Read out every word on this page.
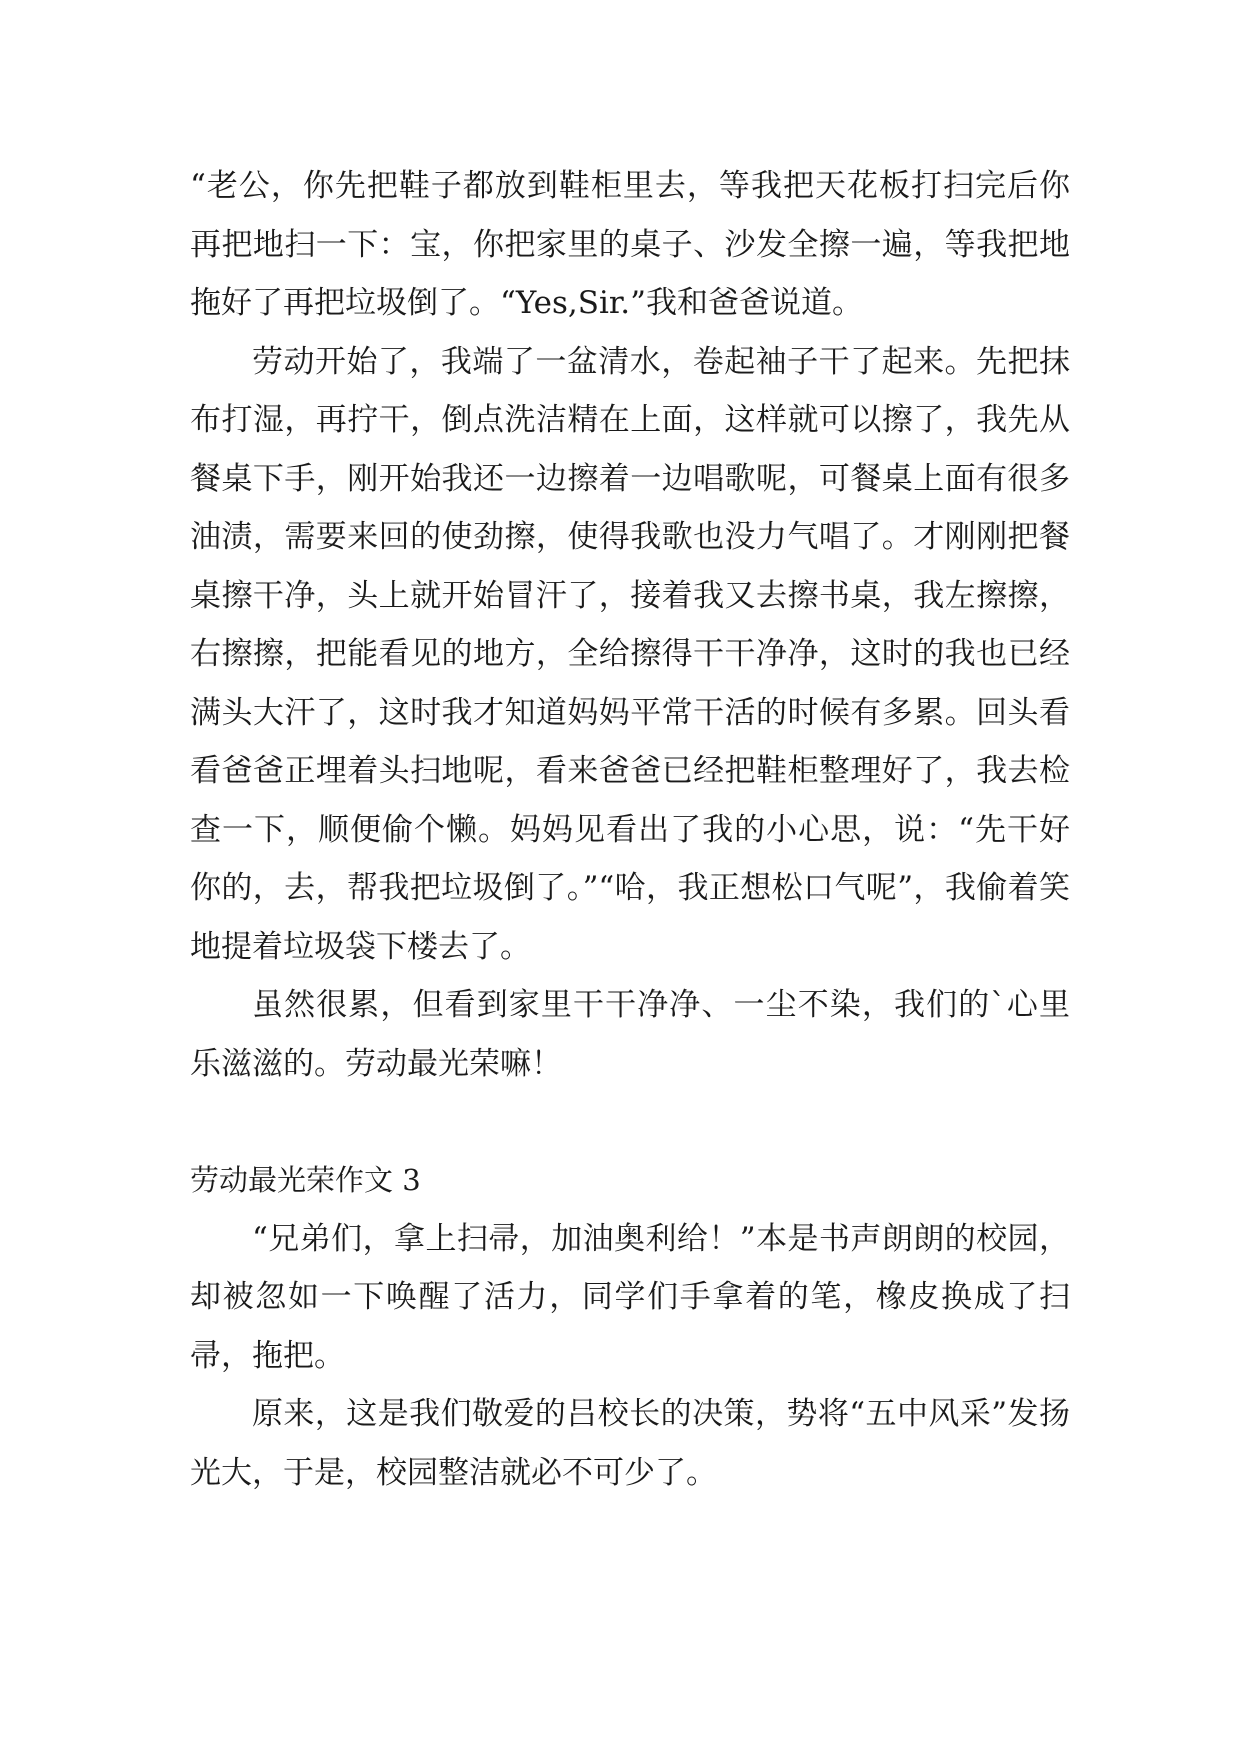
“老公，你先把鞋子都放到鞋柜里去，等我把天花板打扫完后你再把地扫一下：宝，你把家里的桌子、沙发全擦一遍，等我把地拖好了再把垃圾倒了。“Yes,Sir.”我和爸爸说道。

劳动开始了，我端了一盆清水，卷起袖子干了起来。先把抹布打湿，再拧干，倒点洗洁精在上面，这样就可以擦了，我先从餐桌下手，刚开始我还一边擦着一边唱歌呢，可餐桌上面有很多油渍，需要来回的使劲擦，使得我歌也没力气唱了。才刚刚把餐桌擦干净，头上就开始冒汗了，接着我又去擦书桌，我左擦擦，右擦擦，把能看见的地方，全给擦得干干净净，这时的我也已经满头大汗了，这时我才知道妈妈平常干活的时候有多累。回头看看爸爸正埋着头扫地呢，看来爸爸已经把鞋柜整理好了，我去检查一下，顺便偷个懒。妈妈见看出了我的小心思，说：“先干好你的，去，帮我把垃圾倒了。”“哈，我正想松口气呢”，我偷着笑地提着垃圾袋下楼去了。

虽然很累，但看到家里干干净净、一尘不染，我们的`心里乐滋滋的。劳动最光荣嘛！

劳动最光荣作文 3

“兄弟们，拿上扫帚，加油奥利给！”本是书声朗朗的校园，却被忽如一下唤醒了活力，同学们手拿着的笔，橡皮换成了扫帚，拖把。

原来，这是我们敬爱的吕校长的决策，势将“五中风采”发扬光大，于是，校园整洁就必不可少了。
